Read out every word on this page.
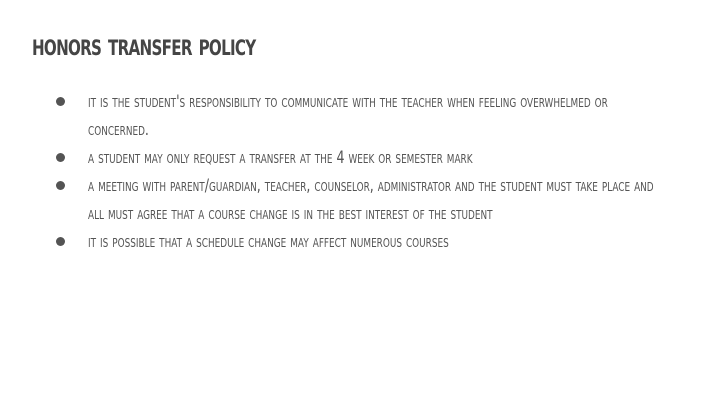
honors transfer policy
it is the student's responsibility to communicate with the teacher when feeling overwhelmed or concerned.
a student may only request a transfer at the 4 week or semester mark
a meeting with parent/guardian, teacher, counselor, administrator and the student must take place and all must agree that a course change is in the best interest of the student
it is possible that a schedule change may affect numerous courses
